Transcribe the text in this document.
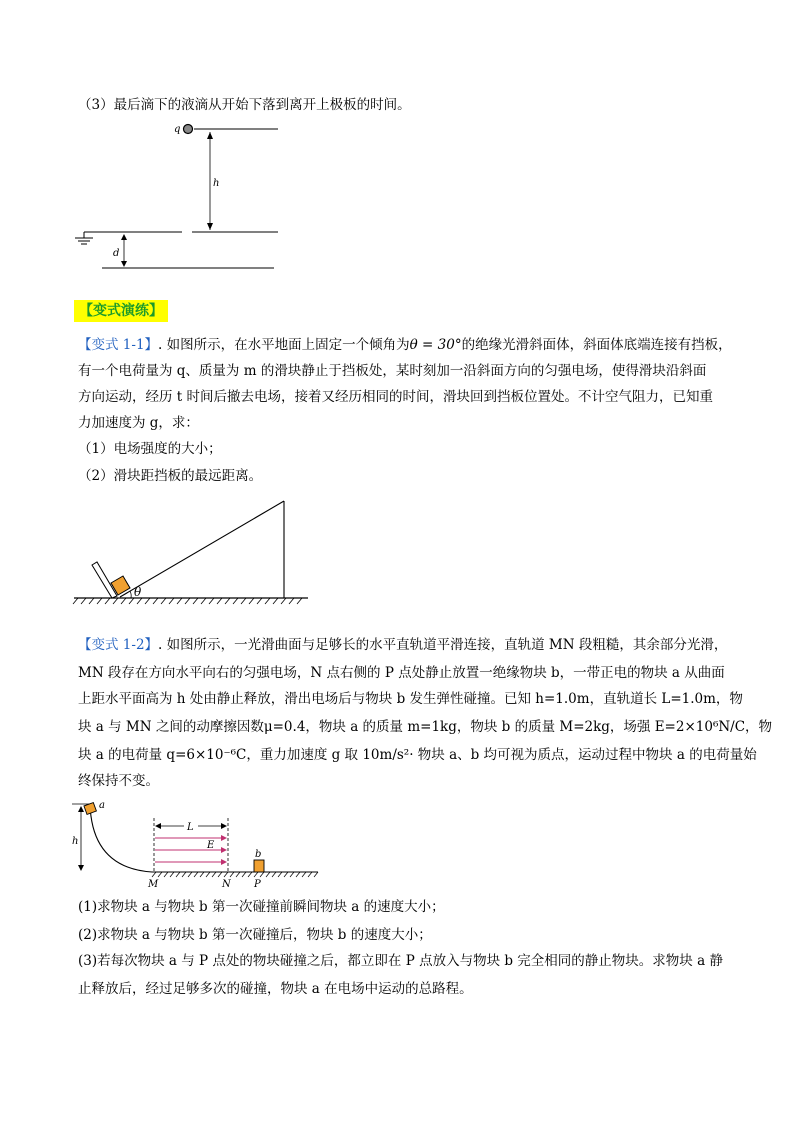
（3）最后滴下的液滴从开始下落到离开上极板的时间。
q
h
d
【变式演练】
【变式 1-1】. 如图所示，在水平地面上固定一个倾角为θ = 30°的绝缘光滑斜面体，斜面体底端连接有挡板，
有一个电荷量为 q、质量为 m 的滑块静止于挡板处，某时刻加一沿斜面方向的匀强电场，使得滑块沿斜面
方向运动，经历 t 时间后撤去电场，接着又经历相同的时间，滑块回到挡板位置处。不计空气阻力，已知重
力加速度为 g，求：
（1）电场强度的大小；
（2）滑块距挡板的最远距离。
θ
【变式 1-2】. 如图所示，一光滑曲面与足够长的水平直轨道平滑连接，直轨道 MN 段粗糙，其余部分光滑，
MN 段存在方向水平向右的匀强电场，N 点右侧的 P 点处静止放置一绝缘物块 b，一带正电的物块 a 从曲面
上距水平面高为 h 处由静止释放，滑出电场后与物块 b 发生弹性碰撞。已知 h=1.0m，直轨道长 L=1.0m，物
块 a 与 MN 之间的动摩擦因数μ=0.4，物块 a 的质量 m=1kg，物块 b 的质量 M=2kg，场强 E=2×10⁶N/C，物
块 a 的电荷量 q=6×10⁻⁶C，重力加速度 g 取 10m/s²· 物块 a、b 均可视为质点，运动过程中物块 a 的电荷量始
终保持不变。
h
a
L
E
b
M	N P
(1)求物块 a 与物块 b 第一次碰撞前瞬间物块 a 的速度大小；
(2)求物块 a 与物块 b 第一次碰撞后，物块 b 的速度大小；
(3)若每次物块 a 与 P 点处的物块碰撞之后，都立即在 P 点放入与物块 b 完全相同的静止物块。求物块 a 静
止释放后，经过足够多次的碰撞，物块 a 在电场中运动的总路程。
